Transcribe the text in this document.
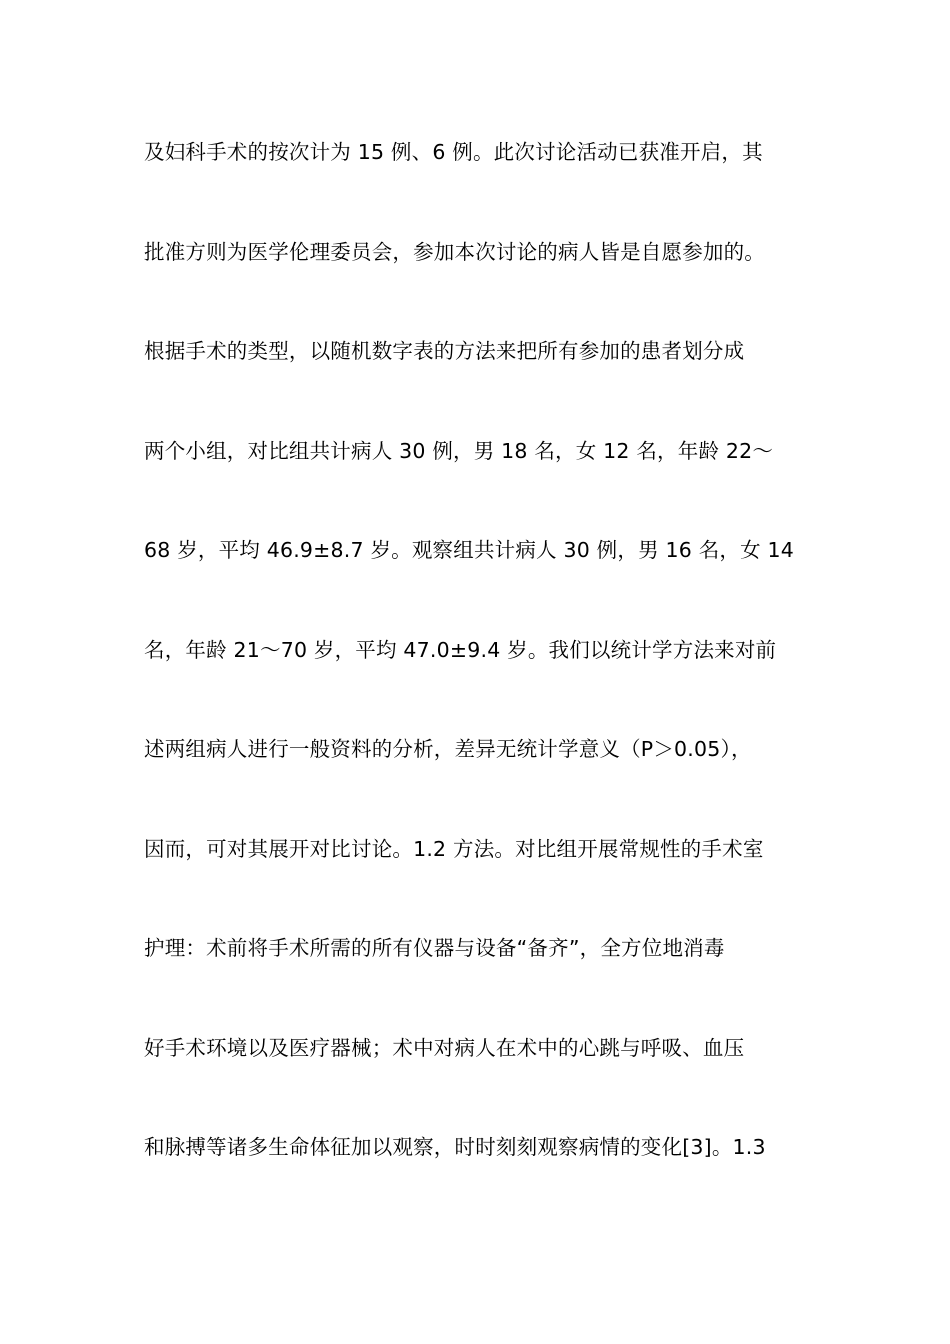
及妇科手术的按次计为 15 例、6 例。此次讨论活动已获准开启，其
批准方则为医学伦理委员会，参加本次讨论的病人皆是自愿参加的。
根据手术的类型，以随机数字表的方法来把所有参加的患者划分成
两个小组，对比组共计病人 30 例，男 18 名，女 12 名，年龄 22～
68 岁，平均 46.9±8.7 岁。观察组共计病人 30 例，男 16 名，女 14
名，年龄 21～70 岁，平均 47.0±9.4 岁。我们以统计学方法来对前
述两组病人进行一般资料的分析，差异无统计学意义（P＞0.05），
因而，可对其展开对比讨论。1.2 方法。对比组开展常规性的手术室
护理：术前将手术所需的所有仪器与设备“备齐”，全方位地消毒
好手术环境以及医疗器械；术中对病人在术中的心跳与呼吸、血压
和脉搏等诸多生命体征加以观察，时时刻刻观察病情的变化[3]。1.3
